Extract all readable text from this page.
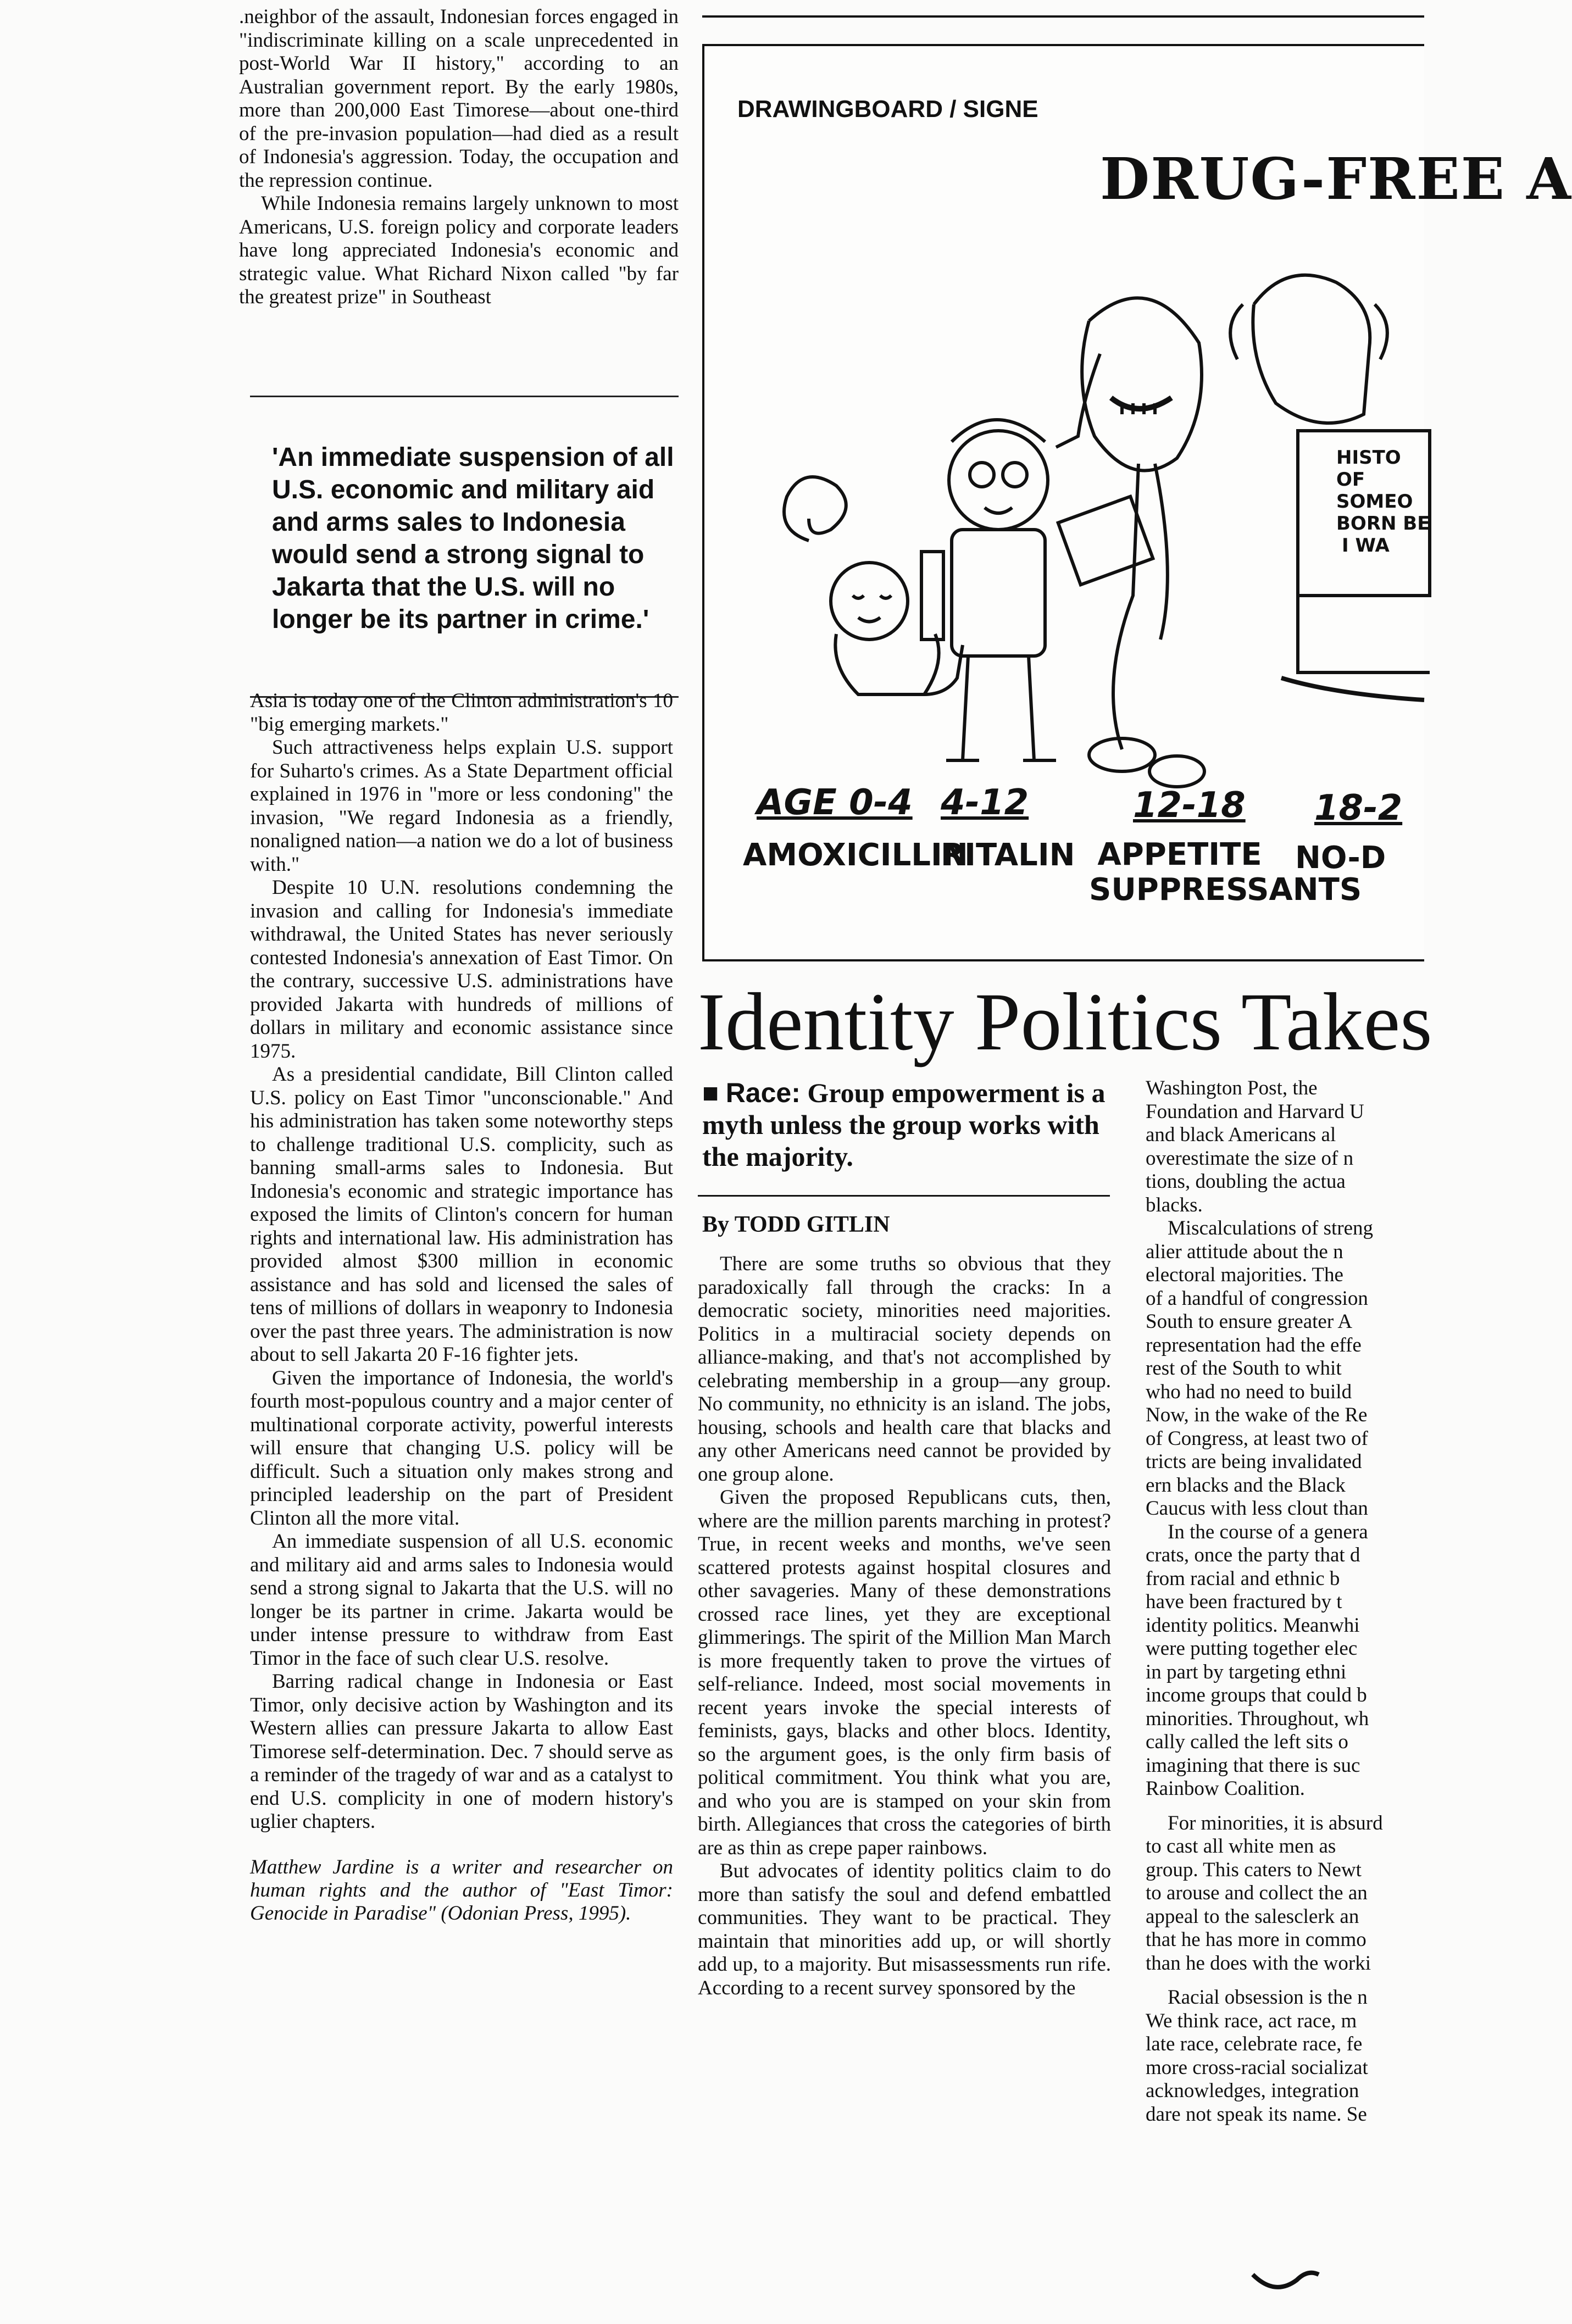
.neighbor of the assault, Indonesian forces engaged in "indiscriminate killing on a scale unprecedented in post-World War II history," according to an Australian government report. By the early 1980s, more than 200,000 East Timorese—about one-third of the pre-invasion population—had died as a result of Indonesia's aggression. Today, the occupation and the repression continue.

While Indonesia remains largely unknown to most Americans, U.S. foreign policy and corporate leaders have long appreciated Indonesia's economic and strategic value. What Richard Nixon called "by far the greatest prize" in Southeast

'An immediate suspension of all U.S. economic and military aid and arms sales to Indonesia would send a strong signal to Jakarta that the U.S. will no longer be its partner in crime.'

Asia is today one of the Clinton administration's 10 "big emerging markets."

Such attractiveness helps explain U.S. support for Suharto's crimes. As a State Department official explained in 1976 in "more or less condoning" the invasion, "We regard Indonesia as a friendly, nonaligned nation—a nation we do a lot of business with."

Despite 10 U.N. resolutions condemning the invasion and calling for Indonesia's immediate withdrawal, the United States has never seriously contested Indonesia's annexation of East Timor. On the contrary, successive U.S. administrations have provided Jakarta with hundreds of millions of dollars in military and economic assistance since 1975.

As a presidential candidate, Bill Clinton called U.S. policy on East Timor "unconscionable." And his administration has taken some noteworthy steps to challenge traditional U.S. complicity, such as banning small-arms sales to Indonesia. But Indonesia's economic and strategic importance has exposed the limits of Clinton's concern for human rights and international law. His administration has provided almost $300 million in economic assistance and has sold and licensed the sales of tens of millions of dollars in weaponry to Indonesia over the past three years. The administration is now about to sell Jakarta 20 F-16 fighter jets.

Given the importance of Indonesia, the world's fourth most-populous country and a major center of multinational corporate activity, powerful interests will ensure that changing U.S. policy will be difficult. Such a situation only makes strong and principled leadership on the part of President Clinton all the more vital.

An immediate suspension of all U.S. economic and military aid and arms sales to Indonesia would send a strong signal to Jakarta that the U.S. will no longer be its partner in crime. Jakarta would be under intense pressure to withdraw from East Timor in the face of such clear U.S. resolve.

Barring radical change in Indonesia or East Timor, only decisive action by Washington and its Western allies can pressure Jakarta to allow East Timorese self-determination. Dec. 7 should serve as a reminder of the tragedy of war and as a catalyst to end U.S. complicity in one of modern history's uglier chapters.

Matthew Jardine is a writer and researcher on human rights and the author of "East Timor: Genocide in Paradise" (Odonian Press, 1995).

DRAWINGBOARD / SIGNE
DRUG-FREE A
HISTO
OF
SOMEO
BORN BE
I WA
AGE 0-4 4-12	12-18 18-2
AMOXICILLIN
RITALIN APPETITE SUPPRESSANTS
NO-D
Identity Politics Takes
■ Race: Group empowerment is a myth unless the group works with the majority.
By TODD GITLIN

There are some truths so obvious that they paradoxically fall through the cracks: In a democratic society, minorities need majorities. Politics in a multiracial society depends on alliance-making, and that's not accomplished by celebrating membership in a group—any group. No community, no ethnicity is an island. The jobs, housing, schools and health care that blacks and any other Americans need cannot be provided by one group alone.

Given the proposed Republicans cuts, then, where are the million parents marching in protest? True, in recent weeks and months, we've seen scattered protests against hospital closures and other savageries. Many of these demonstrations crossed race lines, yet they are exceptional glimmerings. The spirit of the Million Man March is more frequently taken to prove the virtues of self-reliance. Indeed, most social movements in recent years invoke the special interests of feminists, gays, blacks and other blocs. Identity, so the argument goes, is the only firm basis of political commitment. You think what you are, and who you are is stamped on your skin from birth. Allegiances that cross the categories of birth are as thin as crepe paper rainbows.

But advocates of identity politics claim to do more than satisfy the soul and defend embattled communities. They want to be practical. They maintain that minorities add up, or will shortly add up, to a majority. But misassessments run rife. According to a recent survey sponsored by the

Washington Post, the

Foundation and Harvard U

and black Americans al

overestimate the size of n

tions, doubling the actua

blacks.

Miscalculations of streng

alier attitude about the n

electoral majorities. The

of a handful of congression

South to ensure greater A

representation had the effe

rest of the South to whit

who had no need to build

Now, in the wake of the Re

of Congress, at least two of

tricts are being invalidated

ern blacks and the Black

Caucus with less clout than

In the course of a genera

crats, once the party that d

from racial and ethnic b

have been fractured by t

identity politics. Meanwhi

were putting together elec

in part by targeting ethni

income groups that could b

minorities. Throughout, wh

cally called the left sits o

imagining that there is suc

Rainbow Coalition.

For minorities, it is absurd

to cast all white men as

group. This caters to Newt

to arouse and collect the an

appeal to the salesclerk an

that he has more in commo

than he does with the worki

Racial obsession is the n

We think race, act race, m

late race, celebrate race, fe

more cross-racial socializat

acknowledges, integration

dare not speak its name. Se
